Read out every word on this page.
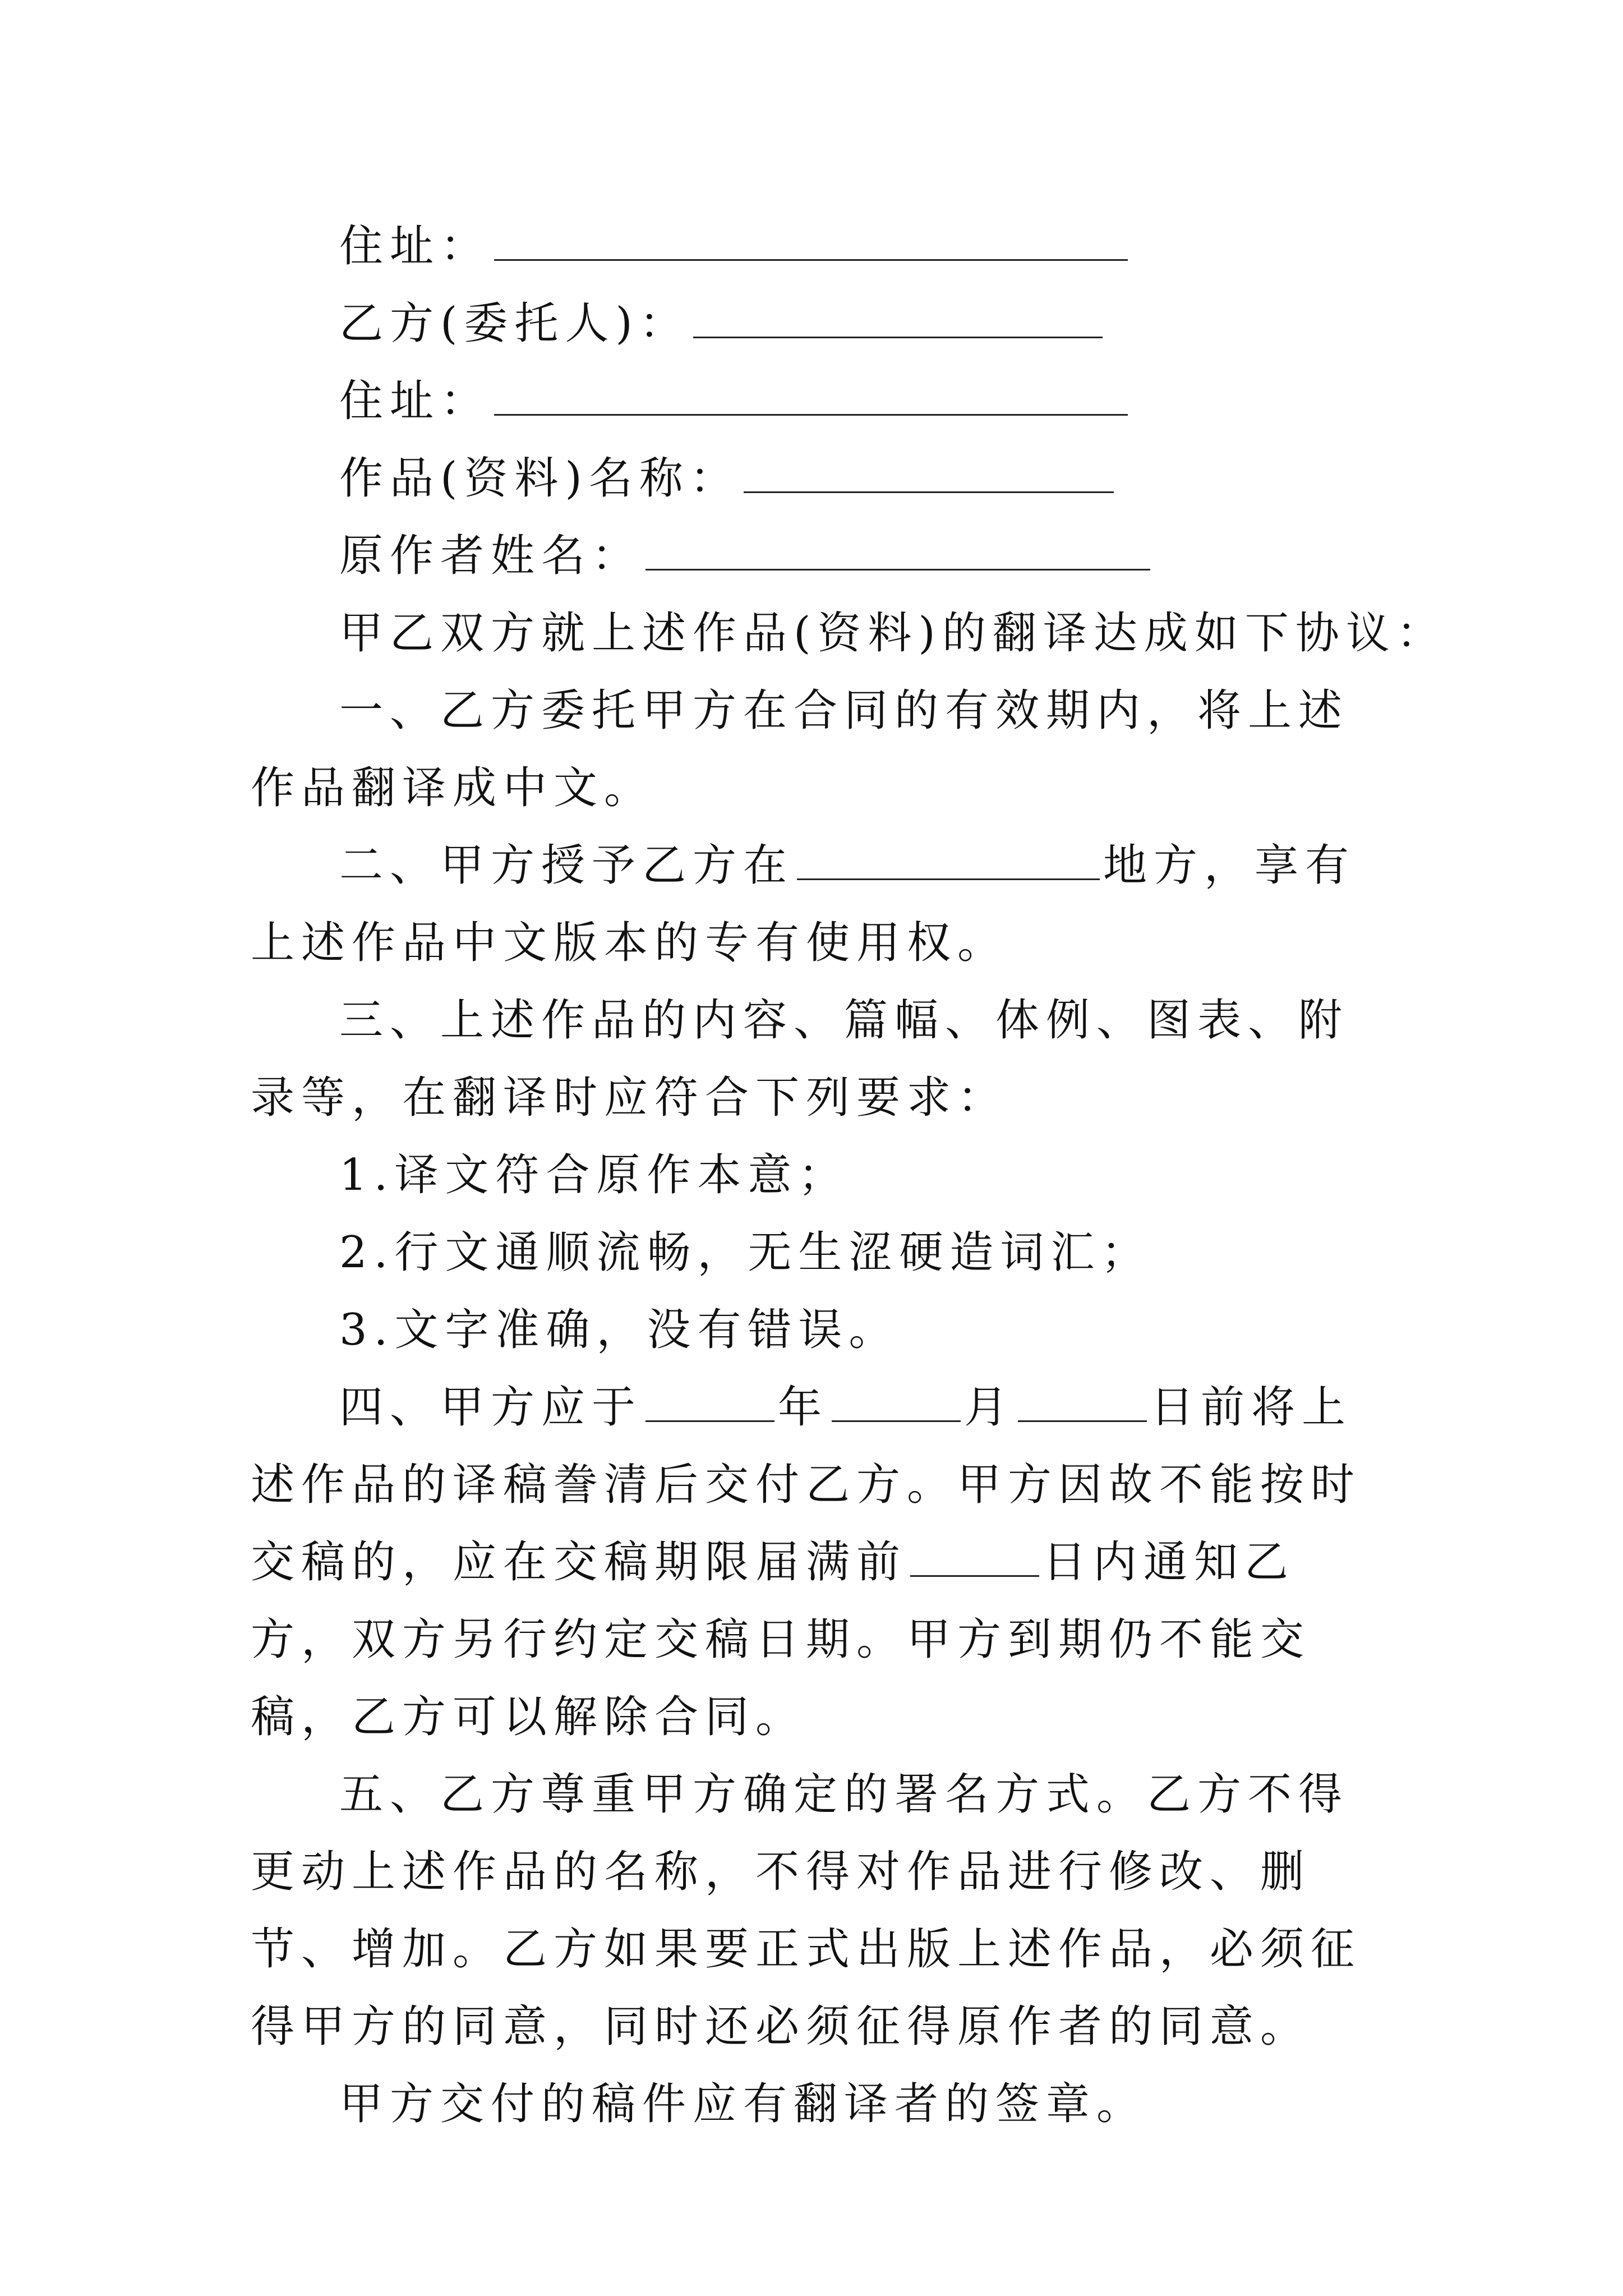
住址：
乙方(委托人)：
住址：
作品(资料)名称：
原作者姓名：
甲乙双方就上述作品(资料)的翻译达成如下协议：
一、乙方委托甲方在合同的有效期内，将上述作品翻译成中文。
二、甲方授予乙方在	地方，享有上述作品中文版本的专有使用权。
三、上述作品的内容、篇幅、体例、图表、附录等，在翻译时应符合下列要求：
1.译文符合原作本意；
2.行文通顺流畅，无生涩硬造词汇；
3.文字准确，没有错误。
四、甲方应于	年	月	日前将上述作品的译稿誊清后交付乙方。甲方因故不能按时交稿的，应在交稿期限届满前	日内通知乙方，双方另行约定交稿日期。甲方到期仍不能交稿，乙方可以解除合同。
五、乙方尊重甲方确定的署名方式。乙方不得更动上述作品的名称，不得对作品进行修改、删节、增加。乙方如果要正式出版上述作品，必须征得甲方的同意，同时还必须征得原作者的同意。
甲方交付的稿件应有翻译者的签章。
